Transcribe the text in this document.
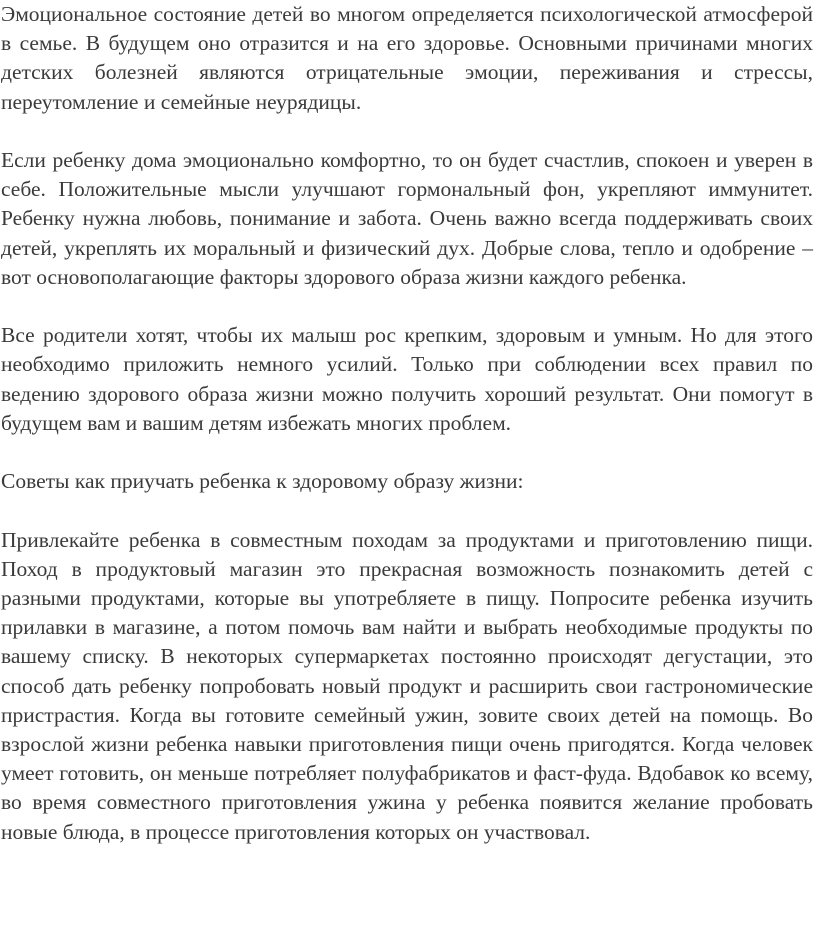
Эмоциональное состояние детей во многом определяется психологической атмосферой в семье. В будущем оно отразится и на его здоровье. Основными причинами многих детских болезней являются отрицательные эмоции, переживания и стрессы, переутомление и семейные неурядицы.

Если ребенку дома эмоционально комфортно, то он будет счастлив, спокоен и уверен в себе. Положительные мысли улучшают гормональный фон, укрепляют иммунитет. Ребенку нужна любовь, понимание и забота. Очень важно всегда поддерживать своих детей, укреплять их моральный и физический дух. Добрые слова, тепло и одобрение – вот основополагающие факторы здорового образа жизни каждого ребенка.

Все родители хотят, чтобы их малыш рос крепким, здоровым и умным. Но для этого необходимо приложить немного усилий. Только при соблюдении всех правил по ведению здорового образа жизни можно получить хороший результат. Они помогут в будущем вам и вашим детям избежать многих проблем.

Советы как приучать ребенка к здоровому образу жизни:

Привлекайте ребенка в совместным походам за продуктами и приготовлению пищи. Поход в продуктовый магазин это прекрасная возможность познакомить детей с разными продуктами, которые вы употребляете в пищу. Попросите ребенка изучить прилавки в магазине, а потом помочь вам найти и выбрать необходимые продукты по вашему списку. В некоторых супермаркетах постоянно происходят дегустации, это способ дать ребенку попробовать новый продукт и расширить свои гастрономические пристрастия. Когда вы готовите семейный ужин, зовите своих детей на помощь. Во взрослой жизни ребенка навыки приготовления пищи очень пригодятся. Когда человек умеет готовить, он меньше потребляет полуфабрикатов и фаст-фуда. Вдобавок ко всему, во время совместного приготовления ужина у ребенка появится желание пробовать новые блюда, в процессе приготовления которых он участвовал.
